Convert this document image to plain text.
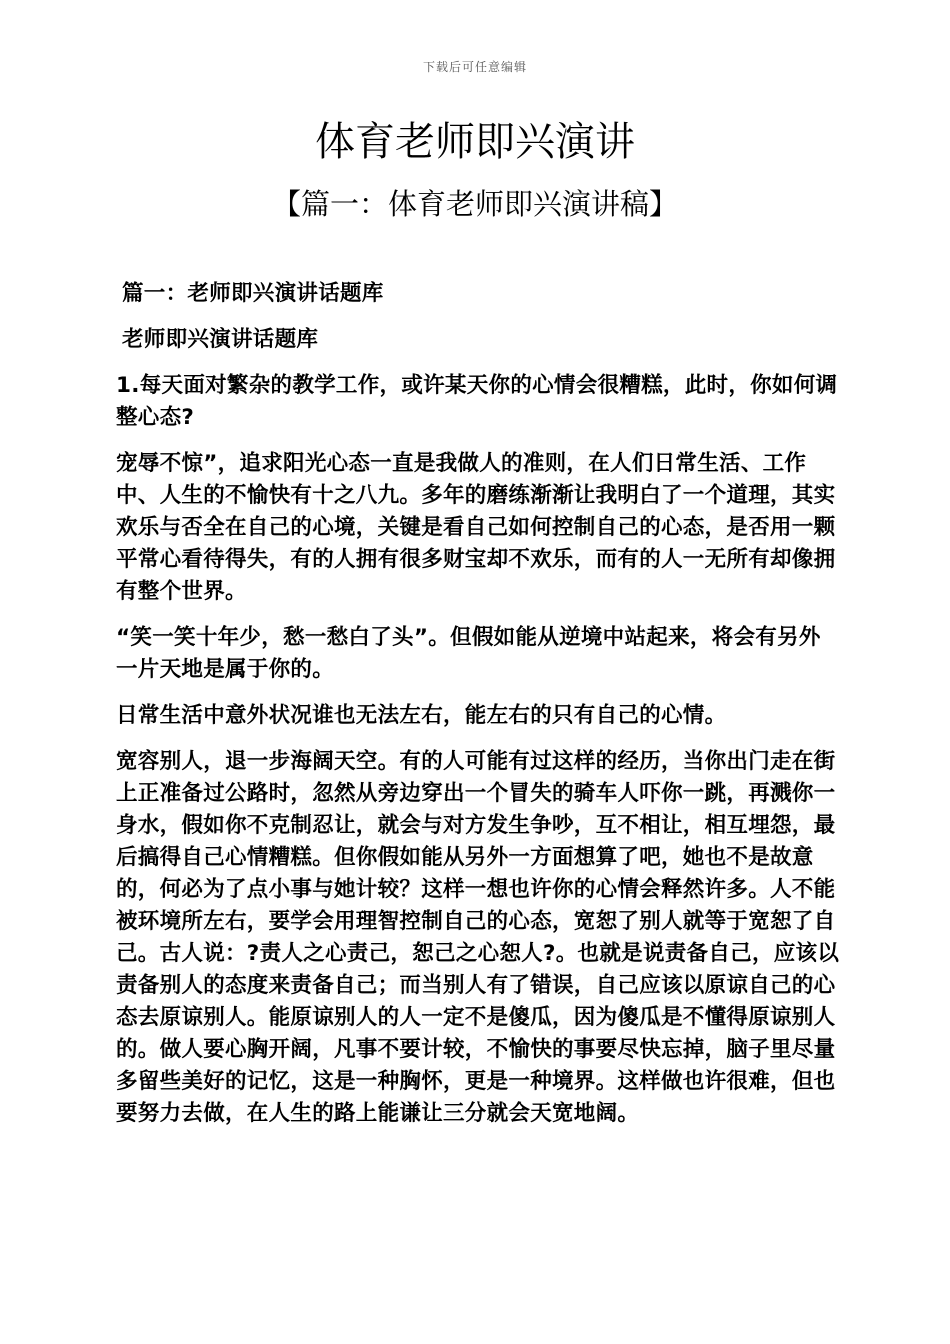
下载后可任意编辑
体育老师即兴演讲
【篇一：体育老师即兴演讲稿】

篇一：老师即兴演讲话题库

老师即兴演讲话题库

1.每天面对繁杂的教学工作，或许某天你的心情会很糟糕，此时，你如何调整心态?

宠辱不惊”，追求阳光心态一直是我做人的准则，在人们日常生活、工作中、人生的不愉快有十之八九。多年的磨练渐渐让我明白了一个道理，其实欢乐与否全在自己的心境，关键是看自己如何控制自己的心态，是否用一颗平常心看待得失，有的人拥有很多财宝却不欢乐，而有的人一无所有却像拥有整个世界。

“笑一笑十年少，愁一愁白了头”。但假如能从逆境中站起来，将会有另外一片天地是属于你的。

日常生活中意外状况谁也无法左右，能左右的只有自己的心情。

宽容别人，退一步海阔天空。有的人可能有过这样的经历，当你出门走在街上正准备过公路时，忽然从旁边穿出一个冒失的骑车人吓你一跳，再溅你一身水，假如你不克制忍让，就会与对方发生争吵，互不相让，相互埋怨，最后搞得自己心情糟糕。但你假如能从另外一方面想算了吧，她也不是故意的，何必为了点小事与她计较？这样一想也许你的心情会释然许多。人不能被环境所左右，要学会用理智控制自己的心态，宽恕了别人就等于宽恕了自己。古人说：?责人之心责己，恕己之心恕人?。也就是说责备自己，应该以责备别人的态度来责备自己；而当别人有了错误，自己应该以原谅自己的心态去原谅别人。能原谅别人的人一定不是傻瓜，因为傻瓜是不懂得原谅别人的。做人要心胸开阔，凡事不要计较，不愉快的事要尽快忘掉，脑子里尽量多留些美好的记忆，这是一种胸怀，更是一种境界。这样做也许很难，但也要努力去做，在人生的路上能谦让三分就会天宽地阔。
